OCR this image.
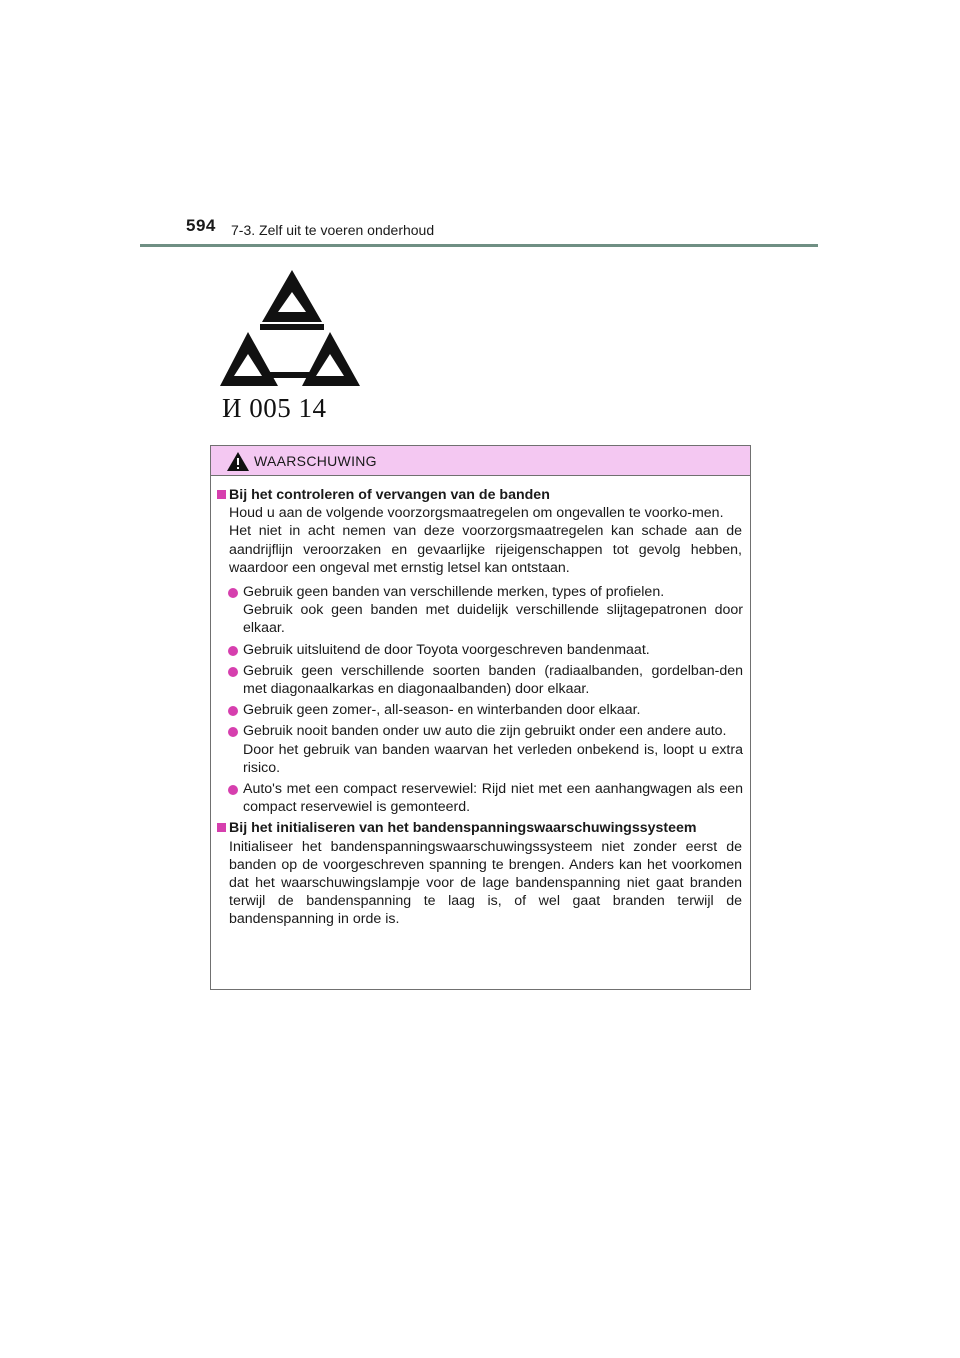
594 7-3. Zelf uit te voeren onderhoud
И 005 14
WAARSCHUWING
Bij het controleren of vervangen van de banden
Houd u aan de volgende voorzorgsmaatregelen om ongevallen te voorko-men.
Het niet in acht nemen van deze voorzorgsmaatregelen kan schade aan de aandrijflijn veroorzaken en gevaarlijke rijeigenschappen tot gevolg hebben, waardoor een ongeval met ernstig letsel kan ontstaan.
Gebruik geen banden van verschillende merken, types of profielen.
Gebruik ook geen banden met duidelijk verschillende slijtagepatronen door elkaar.
Gebruik uitsluitend de door Toyota voorgeschreven bandenmaat.
Gebruik geen verschillende soorten banden (radiaalbanden, gordelban-den met diagonaalkarkas en diagonaalbanden) door elkaar.
Gebruik geen zomer-, all-season- en winterbanden door elkaar.
Gebruik nooit banden onder uw auto die zijn gebruikt onder een andere auto.
Door het gebruik van banden waarvan het verleden onbekend is, loopt u extra risico.
Auto's met een compact reservewiel: Rijd niet met een aanhangwagen als een compact reservewiel is gemonteerd.
Bij het initialiseren van het bandenspanningswaarschuwingssysteem
Initialiseer het bandenspanningswaarschuwingssysteem niet zonder eerst de banden op de voorgeschreven spanning te brengen. Anders kan het voorkomen dat het waarschuwingslampje voor de lage bandenspanning niet gaat branden terwijl de bandenspanning te laag is, of wel gaat branden terwijl de bandenspanning in orde is.
